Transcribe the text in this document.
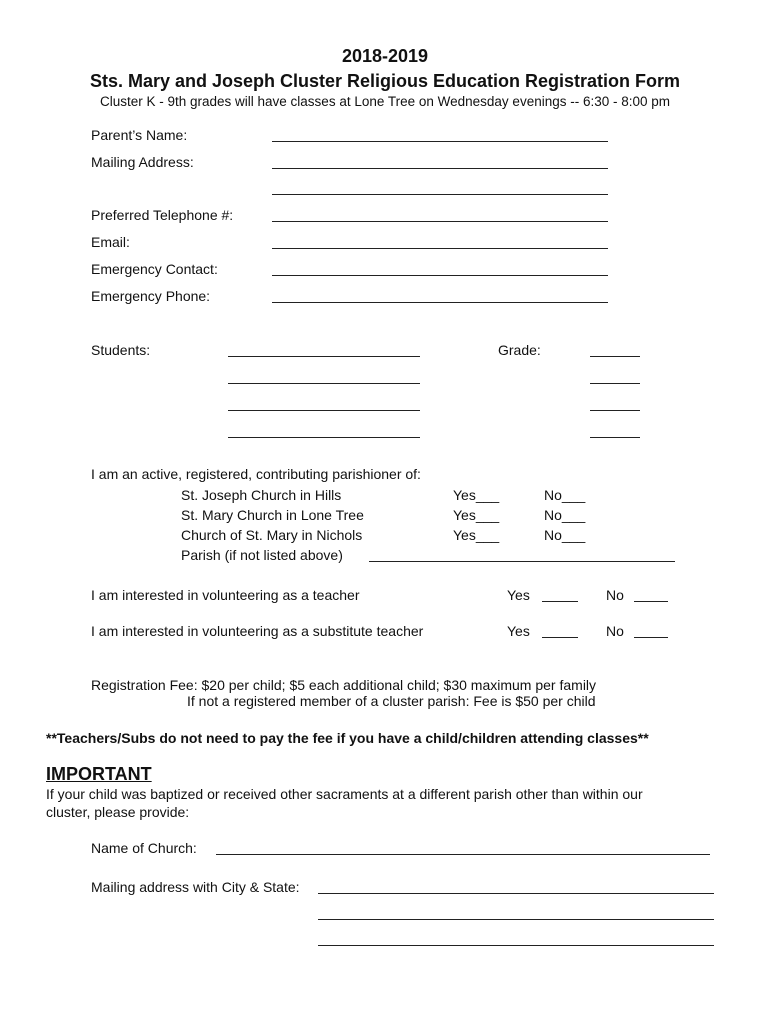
2018-2019
Sts. Mary and Joseph Cluster Religious Education Registration Form
Cluster K - 9th grades will have classes at Lone Tree on Wednesday evenings -- 6:30 - 8:00 pm
Parent’s Name:
Mailing Address:
Preferred Telephone #:
Email:
Emergency Contact:
Emergency Phone:
Students:	Grade:
I am an active, registered, contributing parishioner of:
St. Joseph Church in Hills	Yes___	No___
St. Mary Church in Lone Tree	Yes___	No___
Church of St. Mary in Nichols	Yes___	No___
Parish (if not listed above)
I am interested in volunteering as a teacher	Yes	No
I am interested in volunteering as a substitute teacher	Yes	No
Registration Fee: $20 per child; $5 each additional child; $30 maximum per family
If not a registered member of a cluster parish: Fee is $50 per child
**Teachers/Subs do not need to pay the fee if you have a child/children attending classes**
IMPORTANT
If your child was baptized or received other sacraments at a different parish other than within our
cluster, please provide:
Name of Church:
Mailing address with City & State:
